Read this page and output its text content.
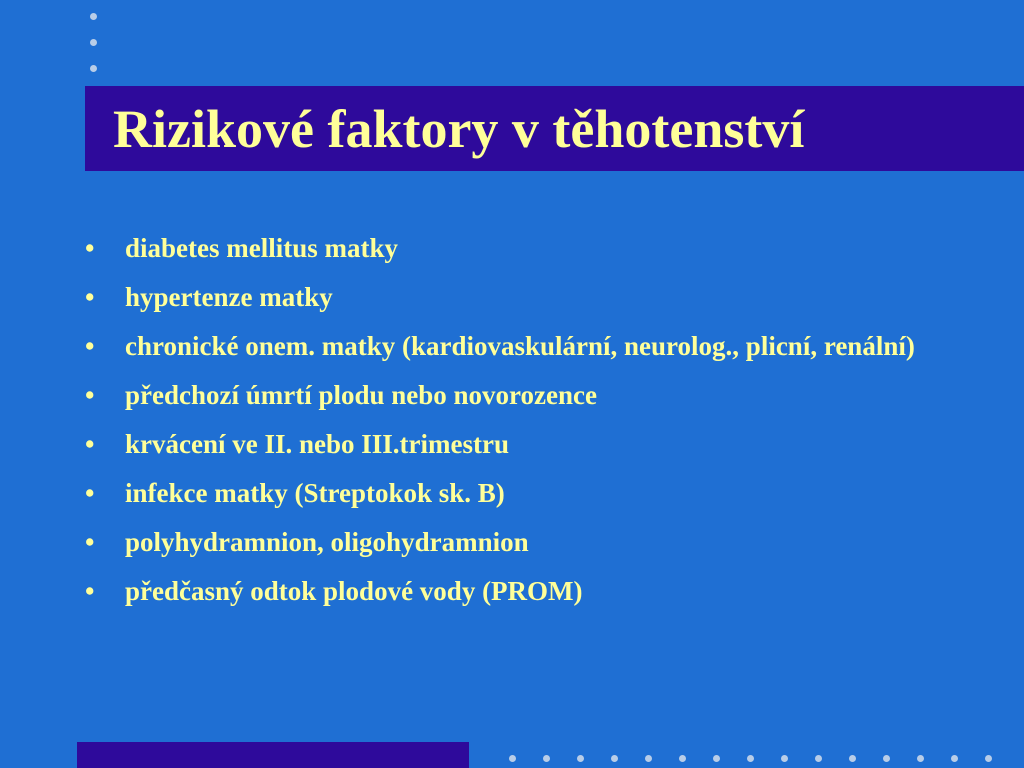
Rizikové faktory v těhotenství
• diabetes mellitus matky
• hypertenze matky
• chronické onem. matky (kardiovaskulární, neurolog., plicní, renální)
• předchozí úmrtí plodu nebo novorozence
• krvácení ve II. nebo III.trimestru
• infekce matky (Streptokok sk. B)
• polyhydramnion, oligohydramnion
• předčasný odtok plodové vody (PROM)
